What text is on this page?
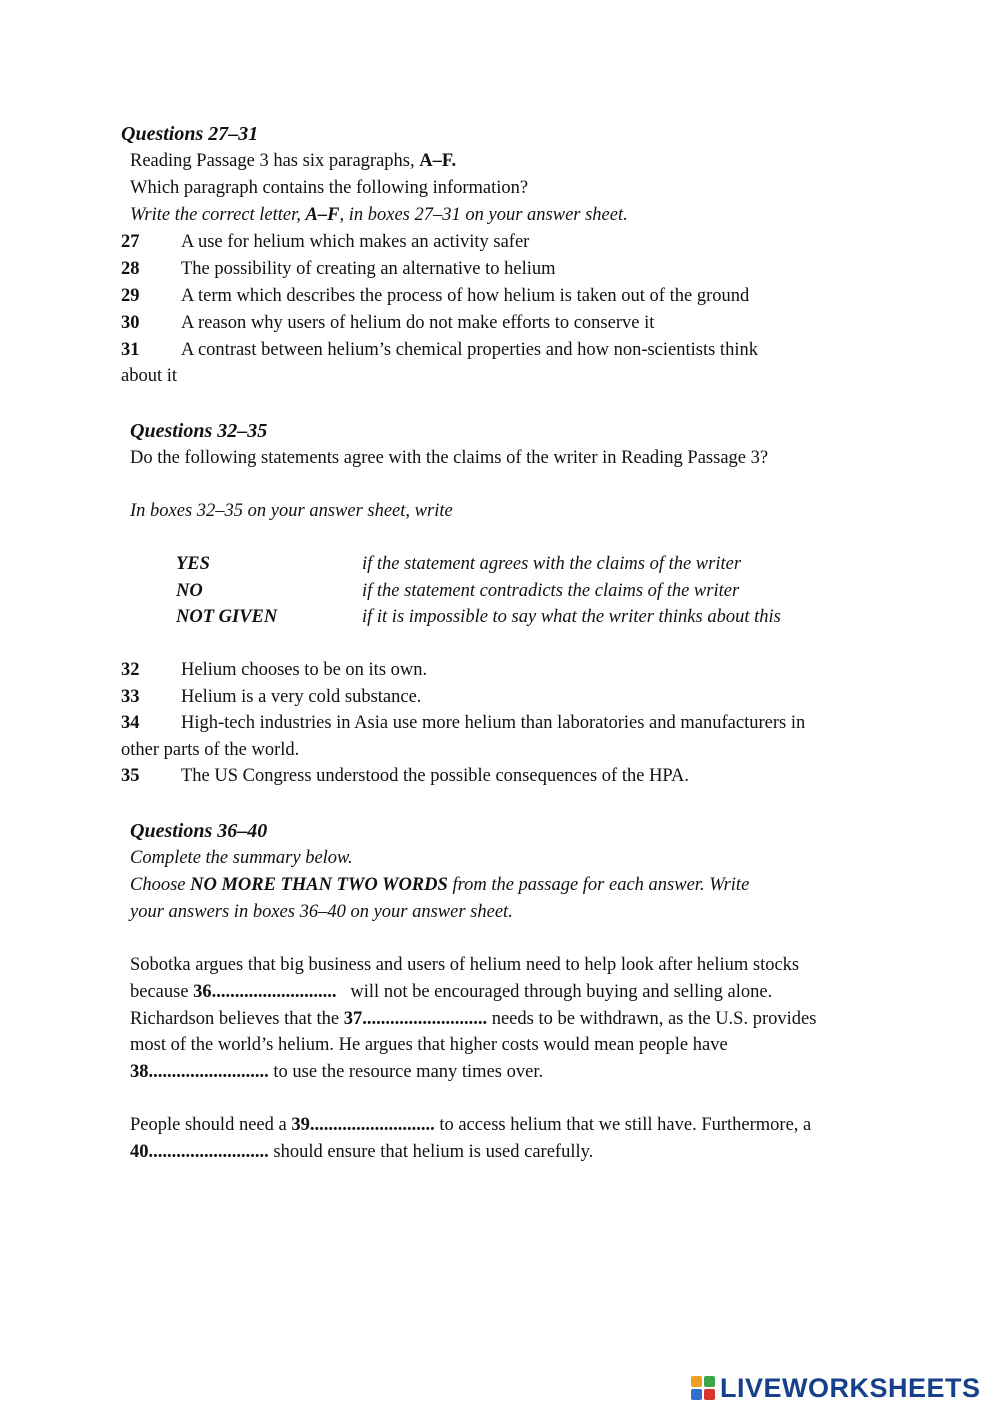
Questions 27–31
Reading Passage 3 has six paragraphs, A–F.
Which paragraph contains the following information?
Write the correct letter, A–F, in boxes 27–31 on your answer sheet.
27 A use for helium which makes an activity safer
28 The possibility of creating an alternative to helium
29 A term which describes the process of how helium is taken out of the ground
30 A reason why users of helium do not make efforts to conserve it
31 A contrast between helium’s chemical properties and how non-scientists think
about it
Questions 32–35
Do the following statements agree with the claims of the writer in Reading Passage 3?
In boxes 32–35 on your answer sheet, write
YES	if the statement agrees with the claims of the writer
NO	if the statement contradicts the claims of the writer
NOT GIVEN	if it is impossible to say what the writer thinks about this
32 Helium chooses to be on its own.
33 Helium is a very cold substance.
34 High-tech industries in Asia use more helium than laboratories and manufacturers in
other parts of the world.
35 The US Congress understood the possible consequences of the HPA.
Questions 36–40
Complete the summary below.
Choose NO MORE THAN TWO WORDS from the passage for each answer. Write
your answers in boxes 36–40 on your answer sheet.
Sobotka argues that big business and users of helium need to help look after helium stocks
because 36...........................   will not be encouraged through buying and selling alone.
Richardson believes that the 37........................... needs to be withdrawn, as the U.S. provides
most of the world’s helium. He argues that higher costs would mean people have
38.......................... to use the resource many times over.
People should need a 39........................... to access helium that we still have. Furthermore, a
40.......................... should ensure that helium is used carefully.
LIVEWORKSHEETS
